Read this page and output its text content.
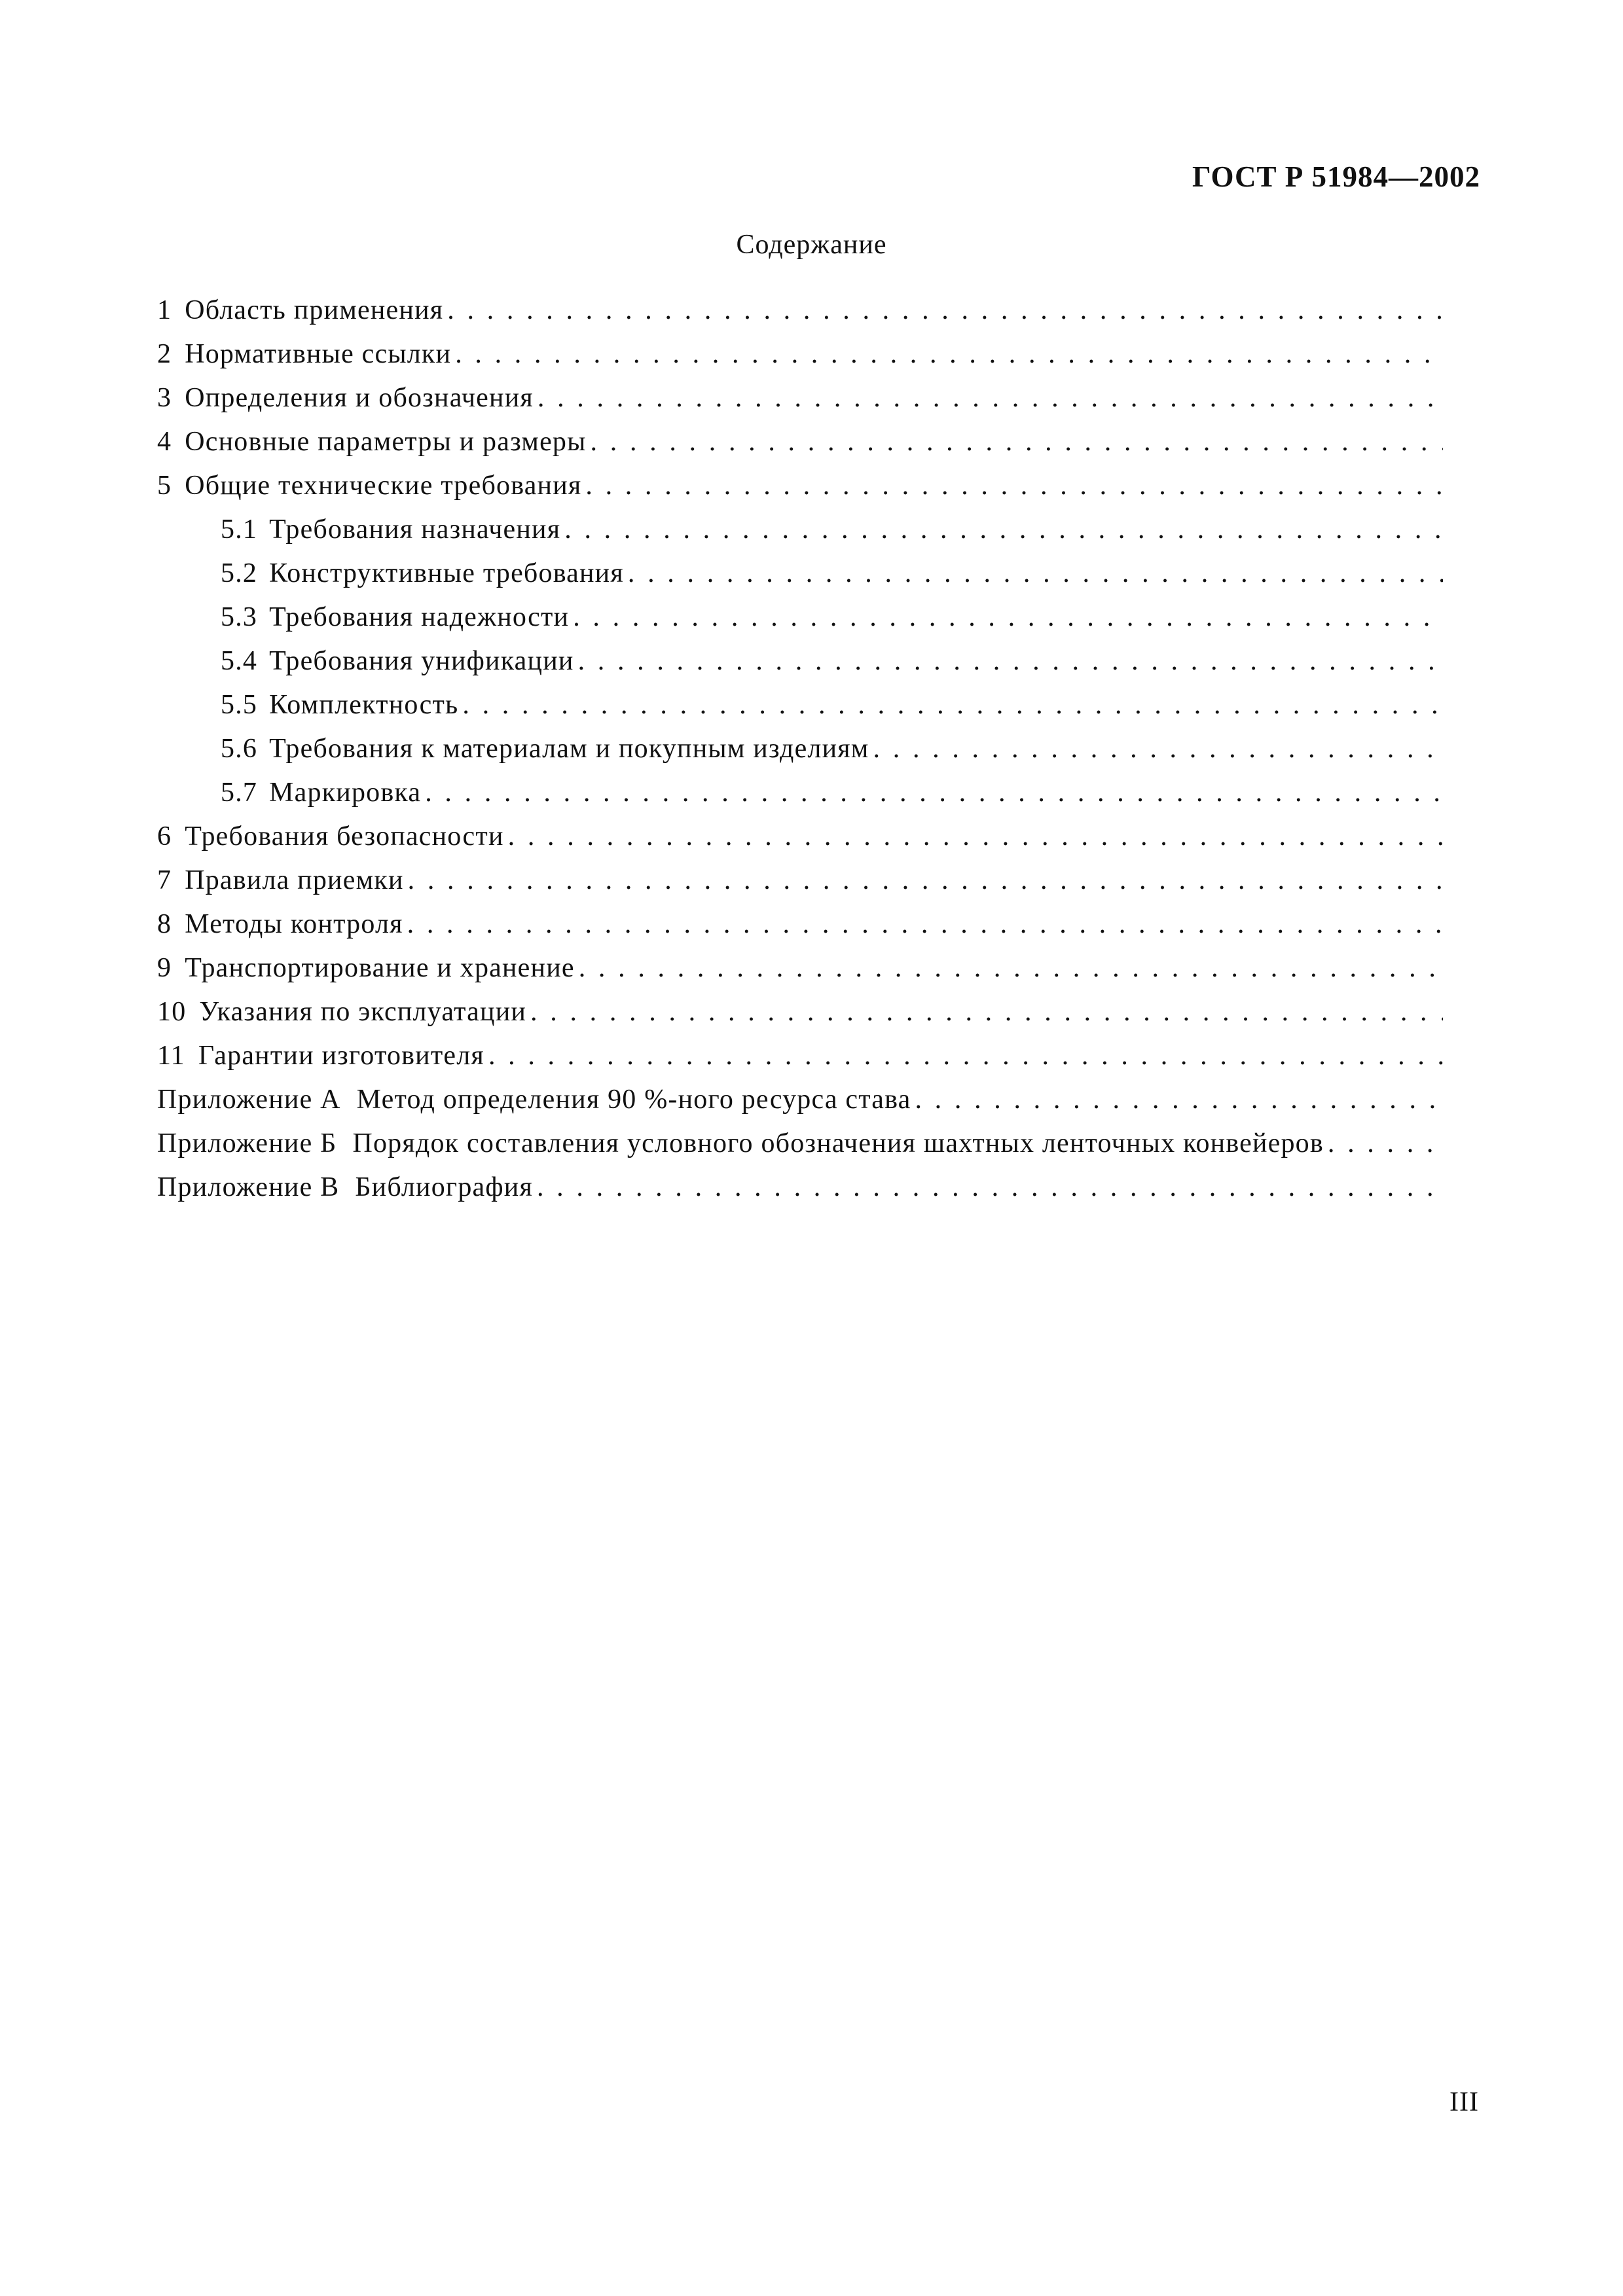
ГОСТ Р 51984—2002
Содержание
1 Область применения
. . .
2 Нормативные ссылки
. . .
3 Определения и обозначения
. . .
4 Основные параметры и размеры
. . .
5 Общие технические требования
. . .
5.1 Требования назначения
. . .
5.2 Конструктивные требования
. . .
5.3 Требования надежности
. . .
5.4 Требования унификации
. . .
5.5 Комплектность
. . .
5.6 Требования к материалам и покупным изделиям
. . .
5.7 Маркировка
. . .
6 Требования безопасности
. . .
7 Правила приемки
. . .
8 Методы контроля
. . .
9 Транспортирование и хранение
. . .
10 Указания по эксплуатации
. . .
11 Гарантии изготовителя
. . .
Приложение А Метод определения 90 %-ного ресурса става
. . .
Приложение Б Порядок составления условного обозначения шахтных ленточных конвейеров
. . .
Приложение В Библиография
. . .
III
